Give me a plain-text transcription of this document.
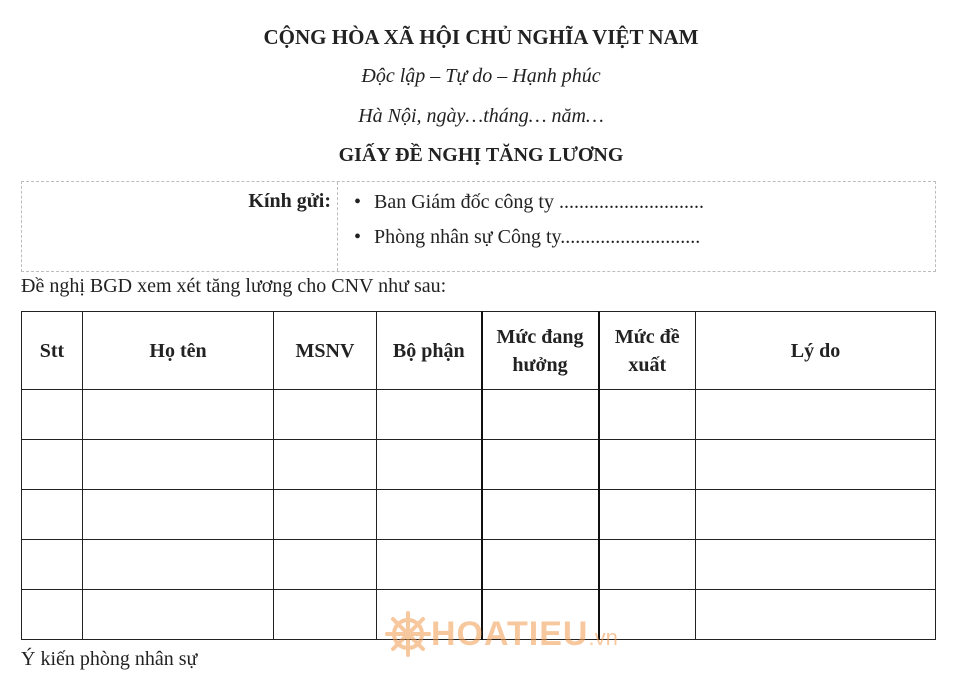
CỘNG HÒA XÃ HỘI CHỦ NGHĨA VIỆT NAM
Độc lập – Tự do – Hạnh phúc
Hà Nội, ngày…tháng… năm…
GIẤY ĐỀ NGHỊ TĂNG LƯƠNG
Kính gửi: • Ban Giám đốc công ty .............................
• Phòng nhân sự Công ty............................
Đề nghị BGD xem xét tăng lương cho CNV như sau:
Stt	Họ tên	MSNV	Bộ phận	Mức đang hưởng	Mức đề xuất	Lý do

HOATIEU .vn
Ý kiến phòng nhân sự
